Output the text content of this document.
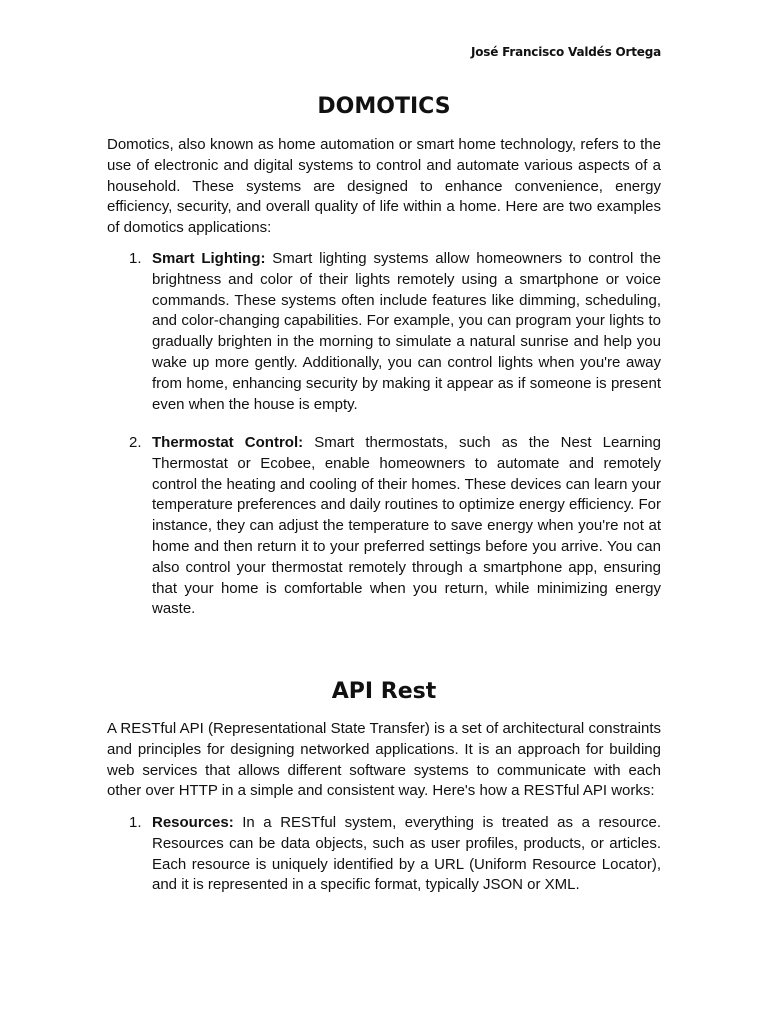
José Francisco Valdés Ortega
DOMOTICS

Domotics, also known as home automation or smart home technology, refers to the use of electronic and digital systems to control and automate various aspects of a household. These systems are designed to enhance convenience, energy efficiency, security, and overall quality of life within a home. Here are two examples of domotics applications:

1. Smart Lighting: Smart lighting systems allow homeowners to control the brightness and color of their lights remotely using a smartphone or voice commands. These systems often include features like dimming, scheduling, and color-changing capabilities. For example, you can program your lights to gradually brighten in the morning to simulate a natural sunrise and help you wake up more gently. Additionally, you can control lights when you're away from home, enhancing security by making it appear as if someone is present even when the house is empty.
2. Thermostat Control: Smart thermostats, such as the Nest Learning Thermostat or Ecobee, enable homeowners to automate and remotely control the heating and cooling of their homes. These devices can learn your temperature preferences and daily routines to optimize energy efficiency. For instance, they can adjust the temperature to save energy when you're not at home and then return it to your preferred settings before you arrive. You can also control your thermostat remotely through a smartphone app, ensuring that your home is comfortable when you return, while minimizing energy waste.
API Rest

A RESTful API (Representational State Transfer) is a set of architectural constraints and principles for designing networked applications. It is an approach for building web services that allows different software systems to communicate with each other over HTTP in a simple and consistent way. Here's how a RESTful API works:

1. Resources: In a RESTful system, everything is treated as a resource. Resources can be data objects, such as user profiles, products, or articles. Each resource is uniquely identified by a URL (Uniform Resource Locator), and it is represented in a specific format, typically JSON or XML.
